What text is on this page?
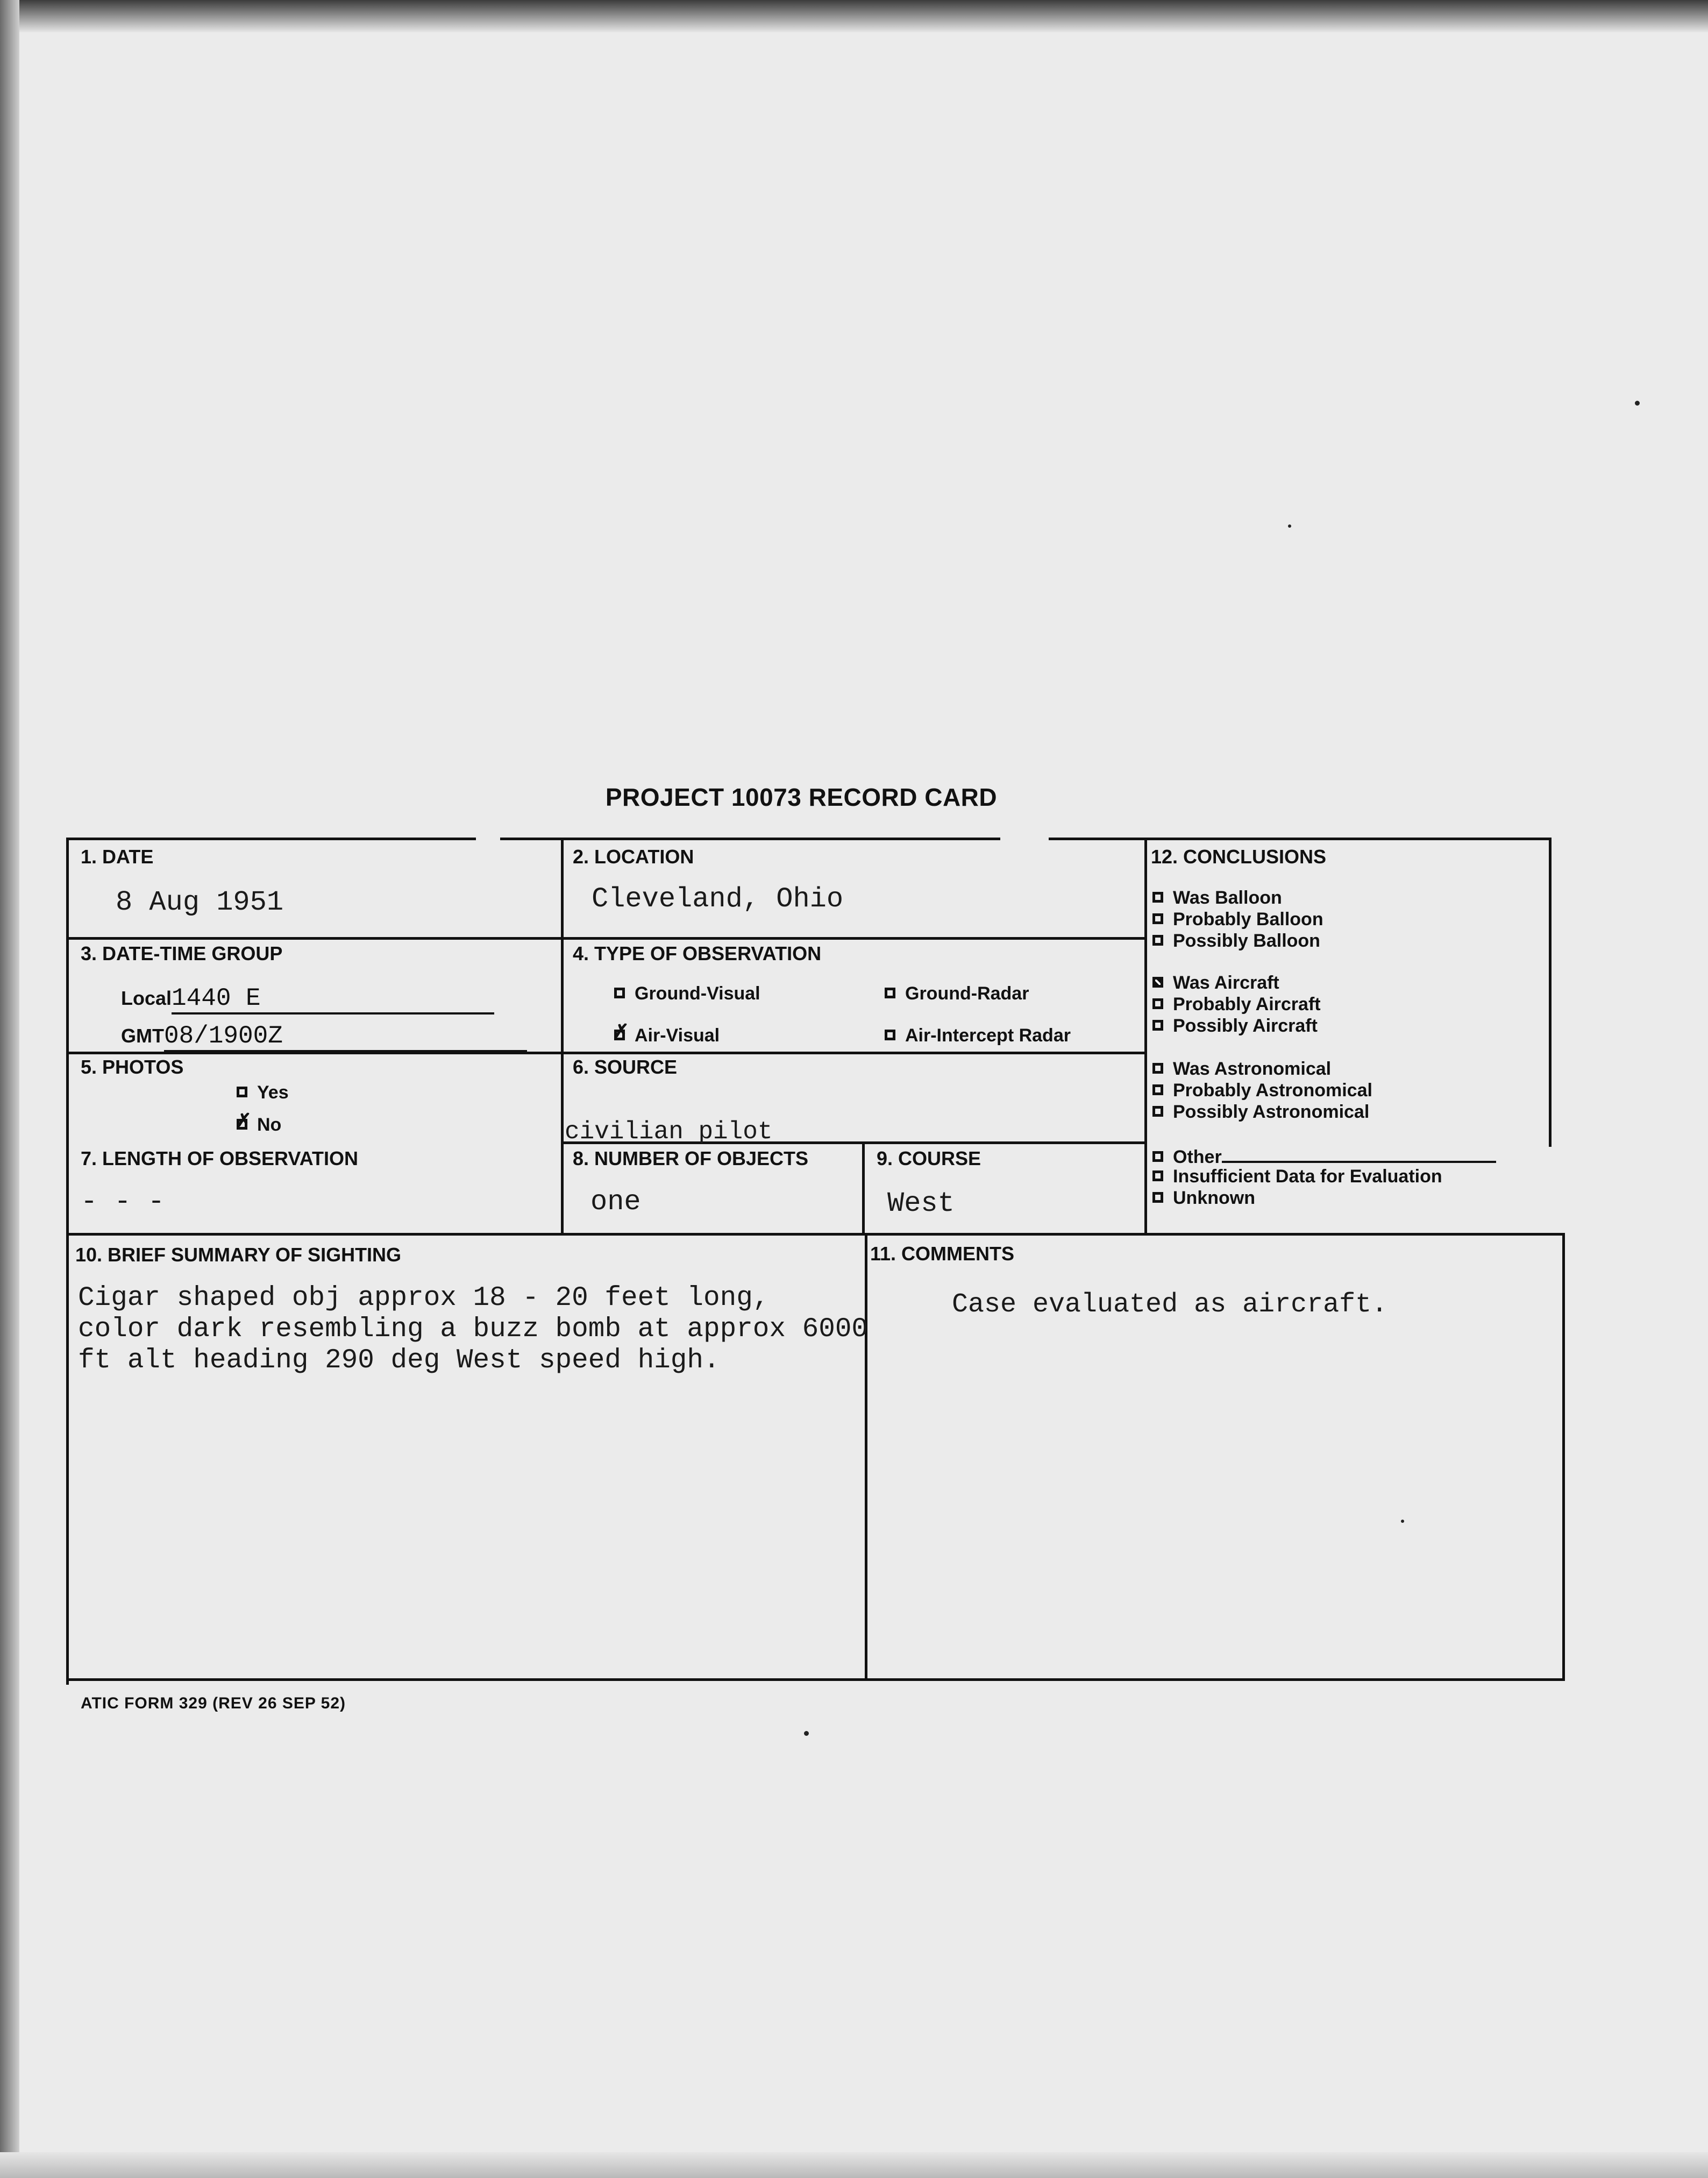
PROJECT 10073 RECORD CARD
1. DATE
8 Aug 1951
2. LOCATION
Cleveland, Ohio
3. DATE-TIME GROUP
Local1440 E
GMT08/1900Z
4. TYPE OF OBSERVATION
Ground-Visual	Ground-Radar
✗ Air-Visual	Air-Intercept Radar
5. PHOTOS
Yes
✗ No
6. SOURCE
civilian pilot
7. LENGTH OF OBSERVATION
- - -
8. NUMBER OF OBJECTS
one
9. COURSE
West
10. BRIEF SUMMARY OF SIGHTING
Cigar shaped obj approx 18 - 20 feet long,
color dark resembling a buzz bomb at approx 6000
ft alt heading 290 deg West speed high.
11. COMMENTS
Case evaluated as aircraft.
12. CONCLUSIONS
Was Balloon
Probably Balloon
Possibly Balloon
Was Aircraft
Probably Aircraft
Possibly Aircraft
Was Astronomical
Probably Astronomical
Possibly Astronomical
Other
Insufficient Data for Evaluation
Unknown
ATIC FORM 329 (REV 26 SEP 52)
